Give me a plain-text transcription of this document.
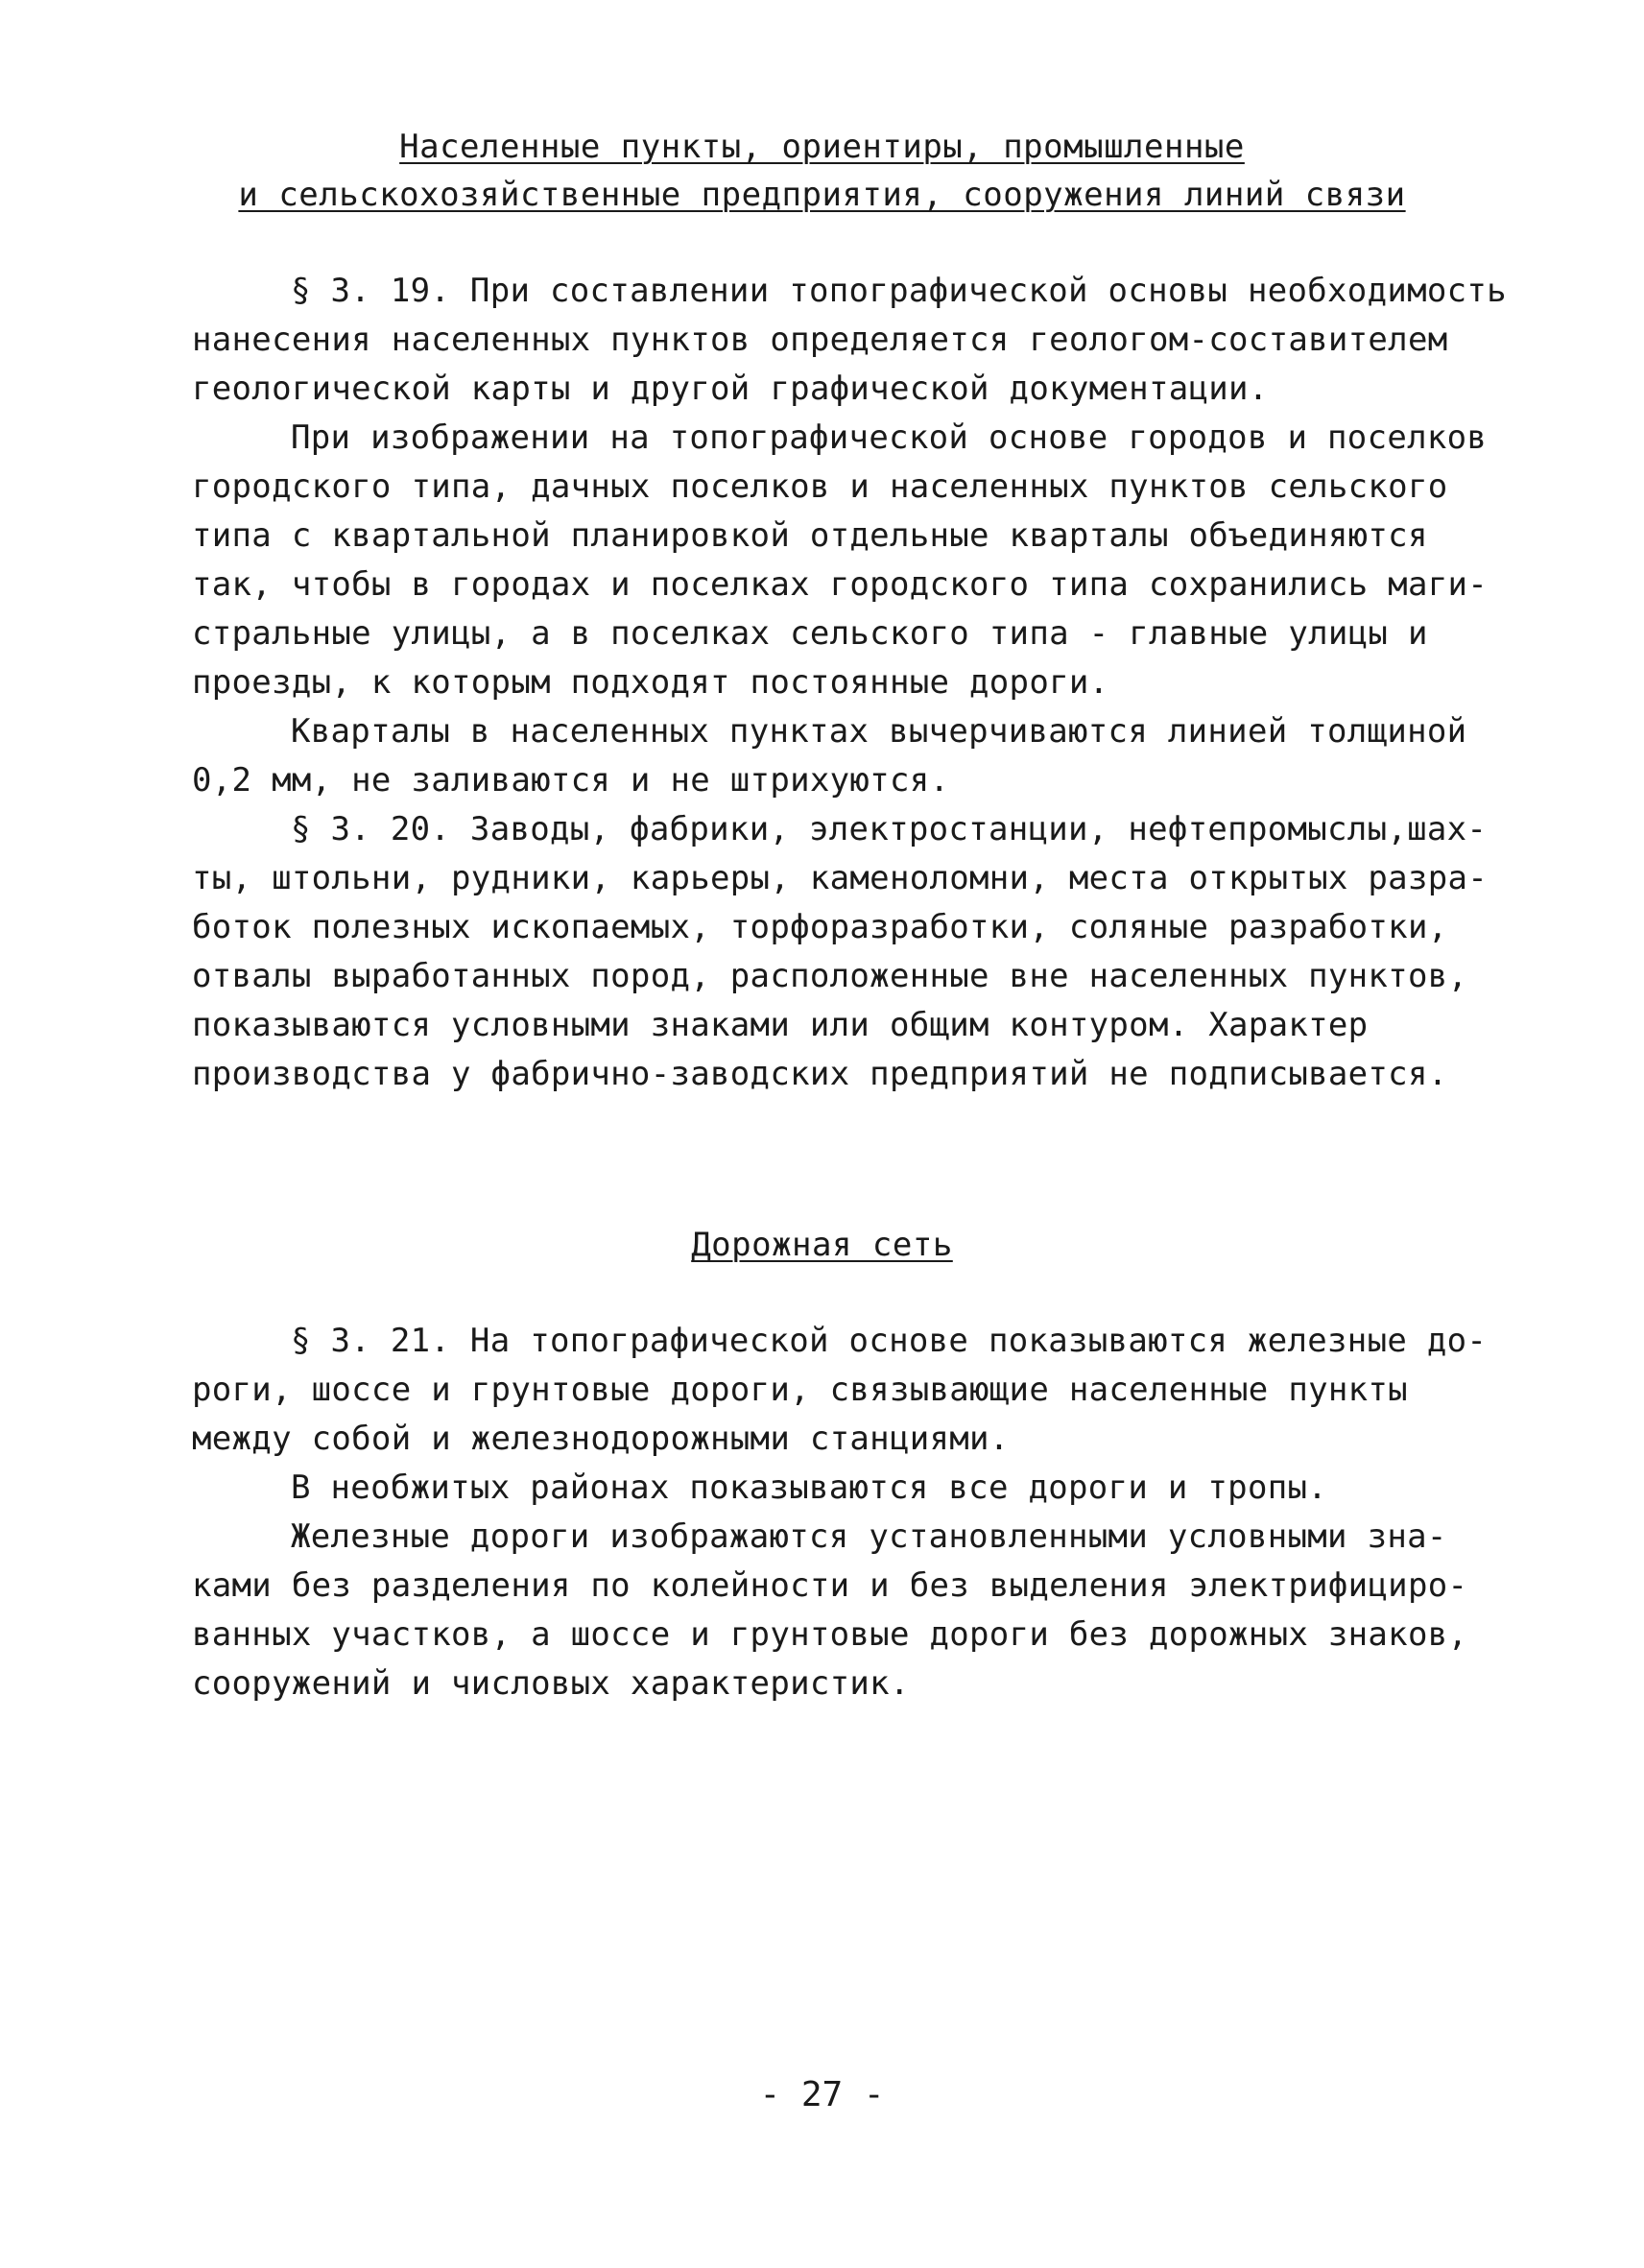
Населенные пункты, ориентиры, промышленные
и сельскохозяйственные предприятия, сооружения линий связи
§ 3. 19. При составлении топографической основы необходимость
нанесения населенных пунктов определяется геологом-составителем
геологической карты и другой графической документации.
При изображении на топографической основе городов и поселков
городского типа, дачных поселков и населенных пунктов сельского
типа с квартальной планировкой отдельные кварталы объединяются
так, чтобы в городах и поселках городского типа сохранились маги-
стральные улицы, а в поселках сельского типа - главные улицы и
проезды, к которым подходят постоянные дороги.
Кварталы в населенных пунктах вычерчиваются линией толщиной
0,2 мм, не заливаются и не штрихуются.
§ 3. 20. Заводы, фабрики, электростанции, нефтепромыслы,шах-
ты, штольни, рудники, карьеры, каменоломни, места открытых разра-
боток полезных ископаемых, торфоразработки, соляные разработки,
отвалы выработанных пород, расположенные вне населенных пунктов,
показываются условными знаками или общим контуром. Характер
производства у фабрично-заводских предприятий не подписывается.
Дорожная сеть
§ 3. 21. На топографической основе показываются железные до-
роги, шоссе и грунтовые дороги, связывающие населенные пункты
между собой и железнодорожными станциями.
В необжитых районах показываются все дороги и тропы.
Железные дороги изображаются установленными условными зна-
ками без разделения по колейности и без выделения электрифициро-
ванных участков, а шоссе и грунтовые дороги без дорожных знаков,
сооружений и числовых характеристик.
- 27 -
